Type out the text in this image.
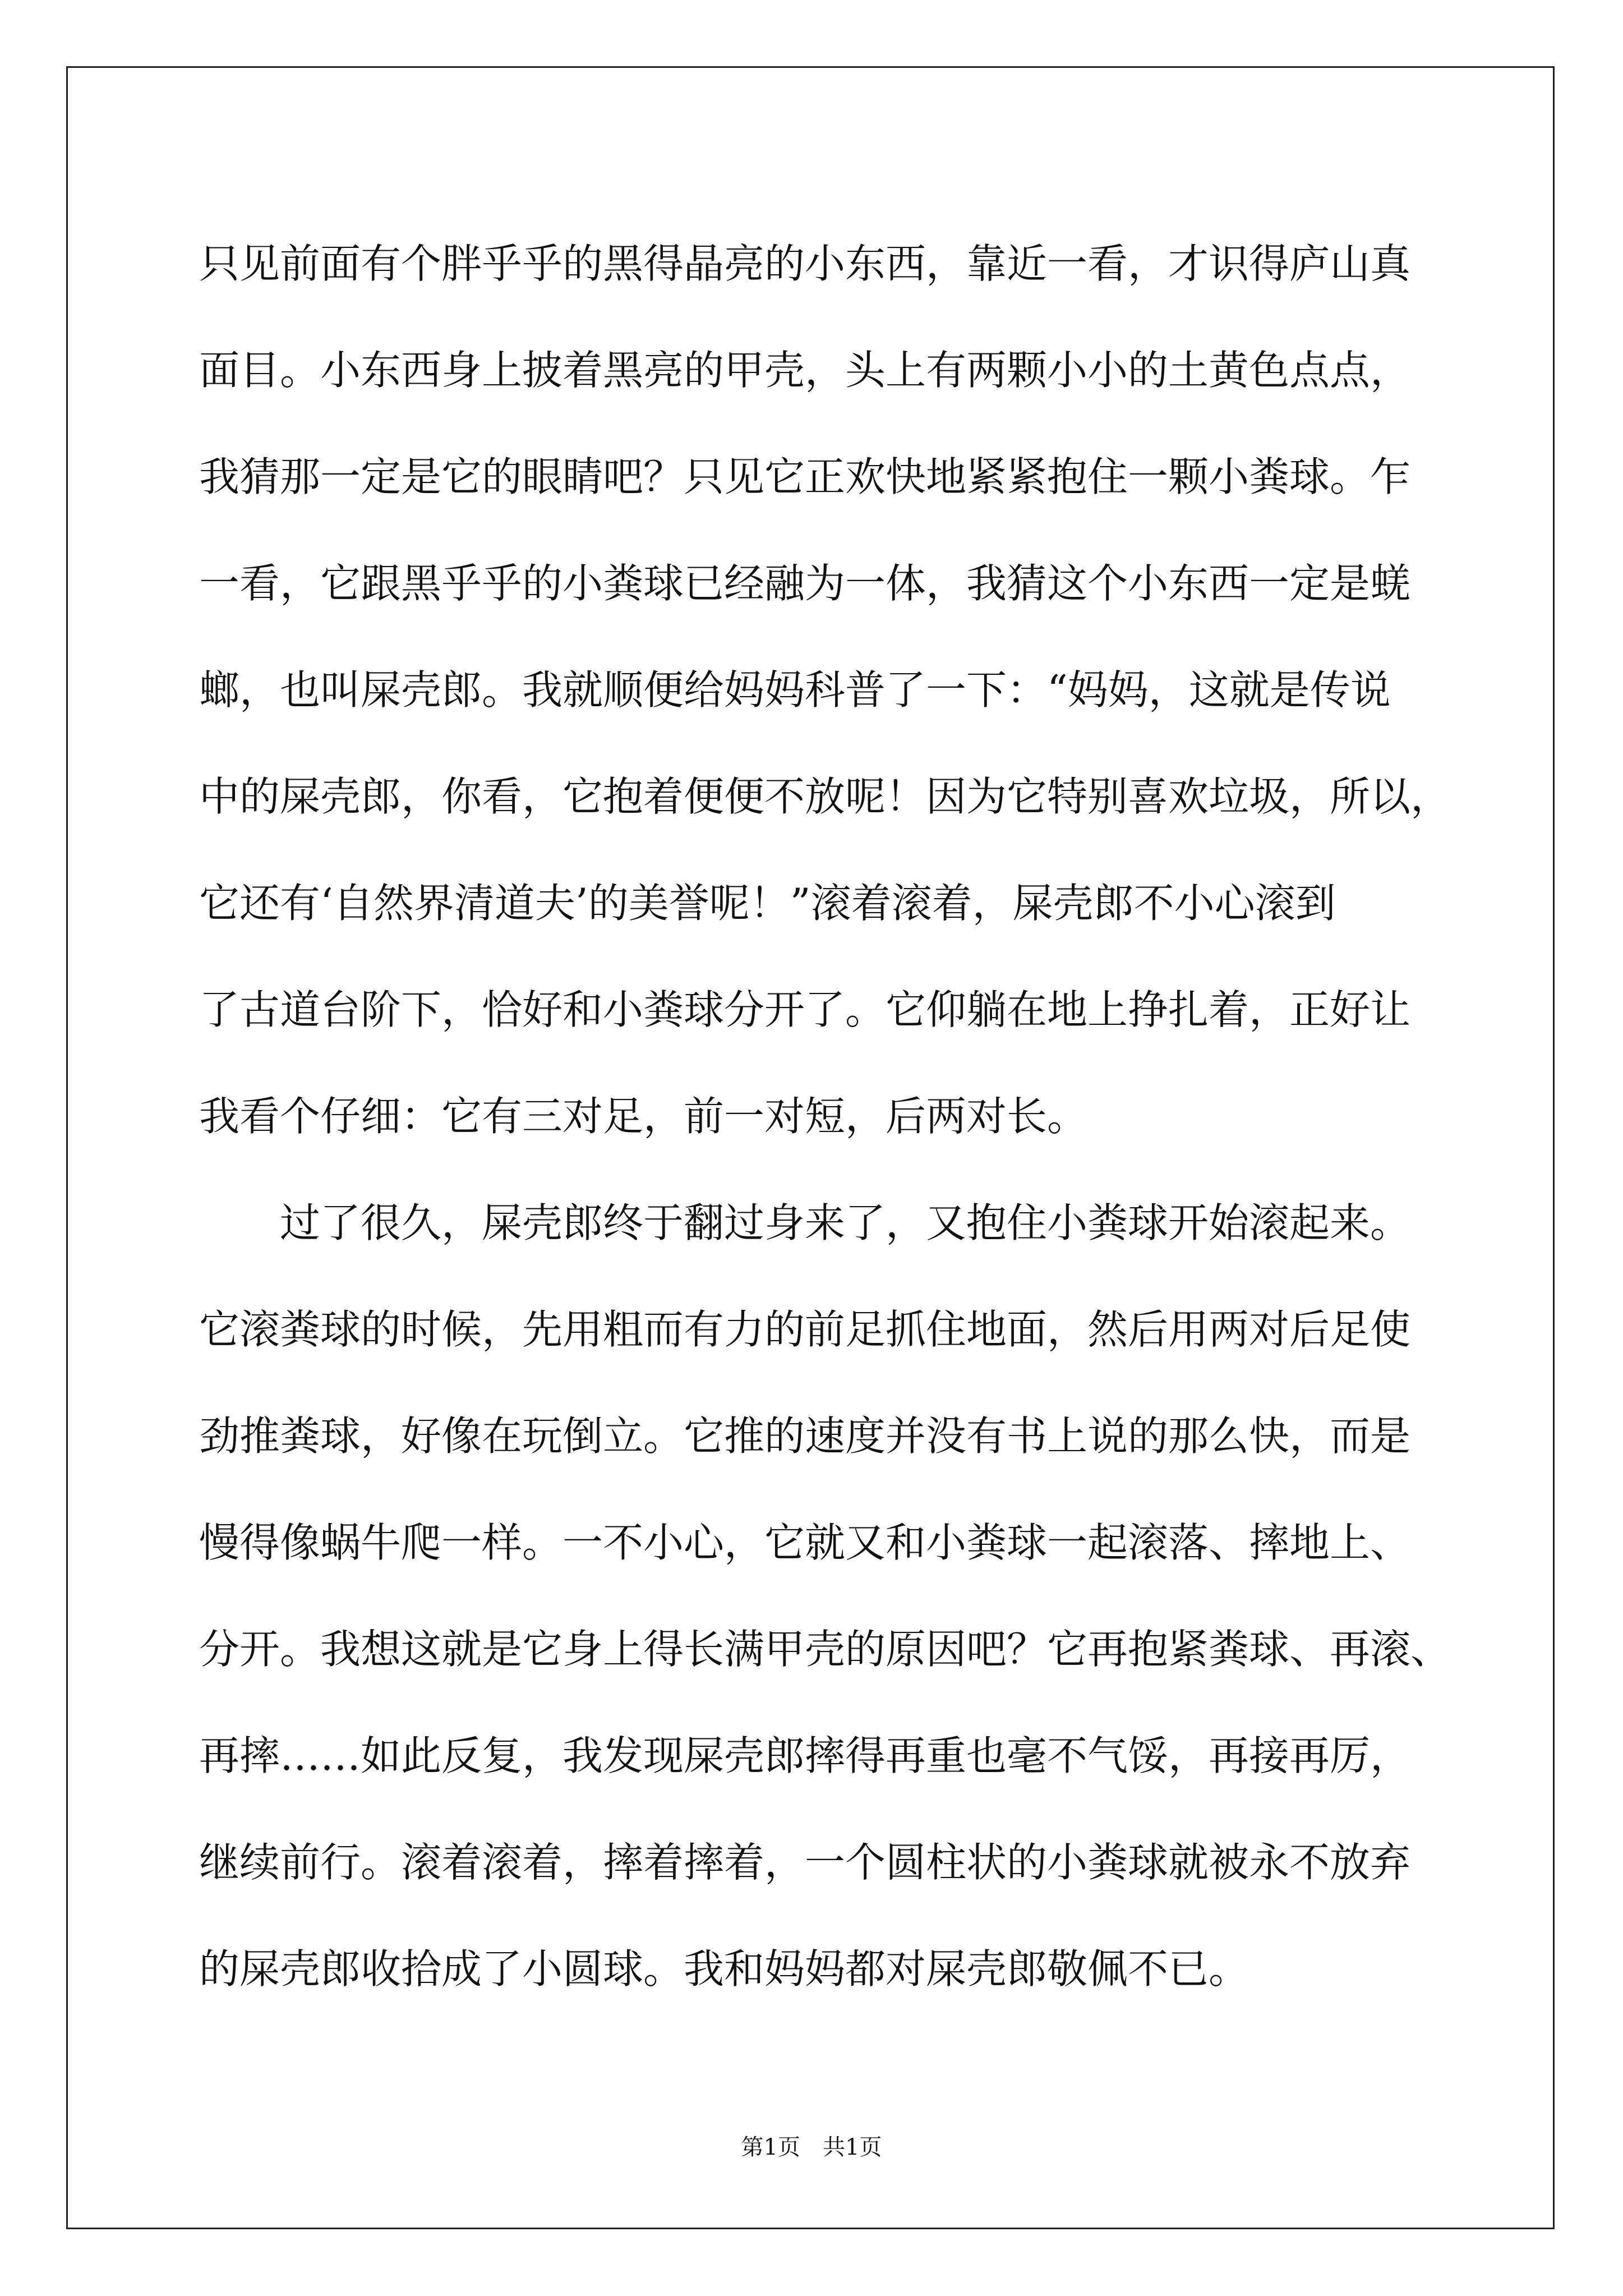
只见前面有个胖乎乎的黑得晶亮的小东西，靠近一看，才识得庐山真
面目。小东西身上披着黑亮的甲壳，头上有两颗小小的土黄色点点，
我猜那一定是它的眼睛吧？只见它正欢快地紧紧抱住一颗小粪球。乍
一看，它跟黑乎乎的小粪球已经融为一体，我猜这个小东西一定是蜣
螂，也叫屎壳郎。我就顺便给妈妈科普了一下：“妈妈，这就是传说
中的屎壳郎，你看，它抱着便便不放呢！因为它特别喜欢垃圾，所以，
它还有‘自然界清道夫’的美誉呢！”滚着滚着，屎壳郎不小心滚到
了古道台阶下，恰好和小粪球分开了。它仰躺在地上挣扎着，正好让
我看个仔细：它有三对足，前一对短，后两对长。
过了很久，屎壳郎终于翻过身来了，又抱住小粪球开始滚起来。
它滚粪球的时候，先用粗而有力的前足抓住地面，然后用两对后足使
劲推粪球，好像在玩倒立。它推的速度并没有书上说的那么快，而是
慢得像蜗牛爬一样。一不小心，它就又和小粪球一起滚落、摔地上、
分开。我想这就是它身上得长满甲壳的原因吧？它再抱紧粪球、再滚、
再摔……如此反复，我发现屎壳郎摔得再重也毫不气馁，再接再厉，
继续前行。滚着滚着，摔着摔着，一个圆柱状的小粪球就被永不放弃
的屎壳郎收拾成了小圆球。我和妈妈都对屎壳郎敬佩不已。
第1页 共1页
